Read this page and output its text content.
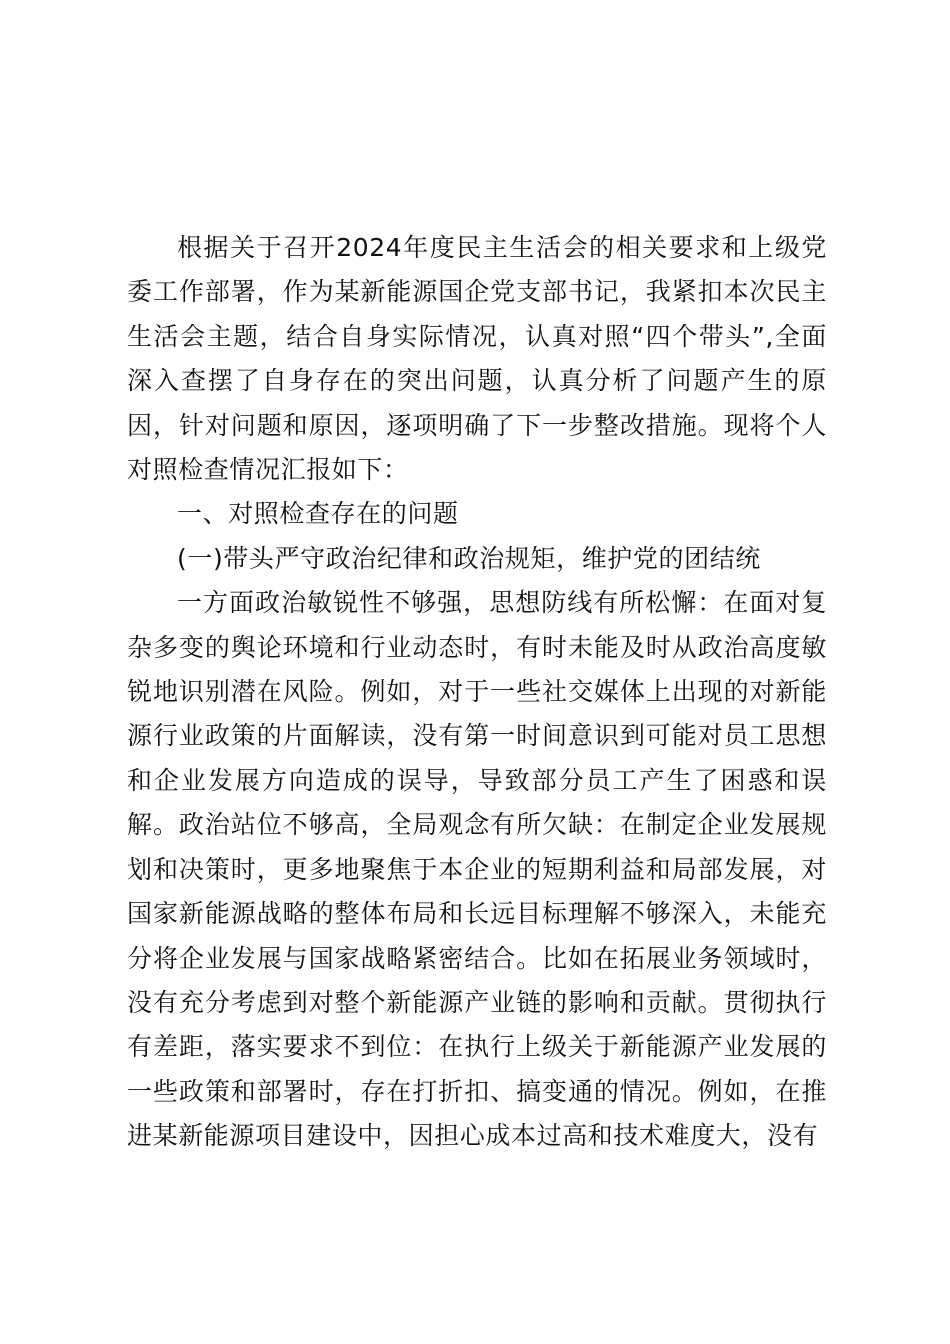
根据关于召开2024年度民主生活会的相关要求和上级党委工作部署，作为某新能源国企党支部书记，我紧扣本次民主生活会主题，结合自身实际情况，认真对照“四个带头”,全面深入查摆了自身存在的突出问题，认真分析了问题产生的原因，针对问题和原因，逐项明确了下一步整改措施。现将个人对照检查情况汇报如下：

一、对照检查存在的问题

(一)带头严守政治纪律和政治规矩，维护党的团结统

一方面政治敏锐性不够强，思想防线有所松懈：在面对复杂多变的舆论环境和行业动态时，有时未能及时从政治高度敏锐地识别潜在风险。例如，对于一些社交媒体上出现的对新能源行业政策的片面解读，没有第一时间意识到可能对员工思想和企业发展方向造成的误导，导致部分员工产生了困惑和误解。政治站位不够高，全局观念有所欠缺：在制定企业发展规划和决策时，更多地聚焦于本企业的短期利益和局部发展，对国家新能源战略的整体布局和长远目标理解不够深入，未能充分将企业发展与国家战略紧密结合。比如在拓展业务领域时，没有充分考虑到对整个新能源产业链的影响和贡献。贯彻执行有差距，落实要求不到位：在执行上级关于新能源产业发展的一些政策和部署时，存在打折扣、搞变通的情况。例如，在推进某新能源项目建设中，因担心成本过高和技术难度大，没有
